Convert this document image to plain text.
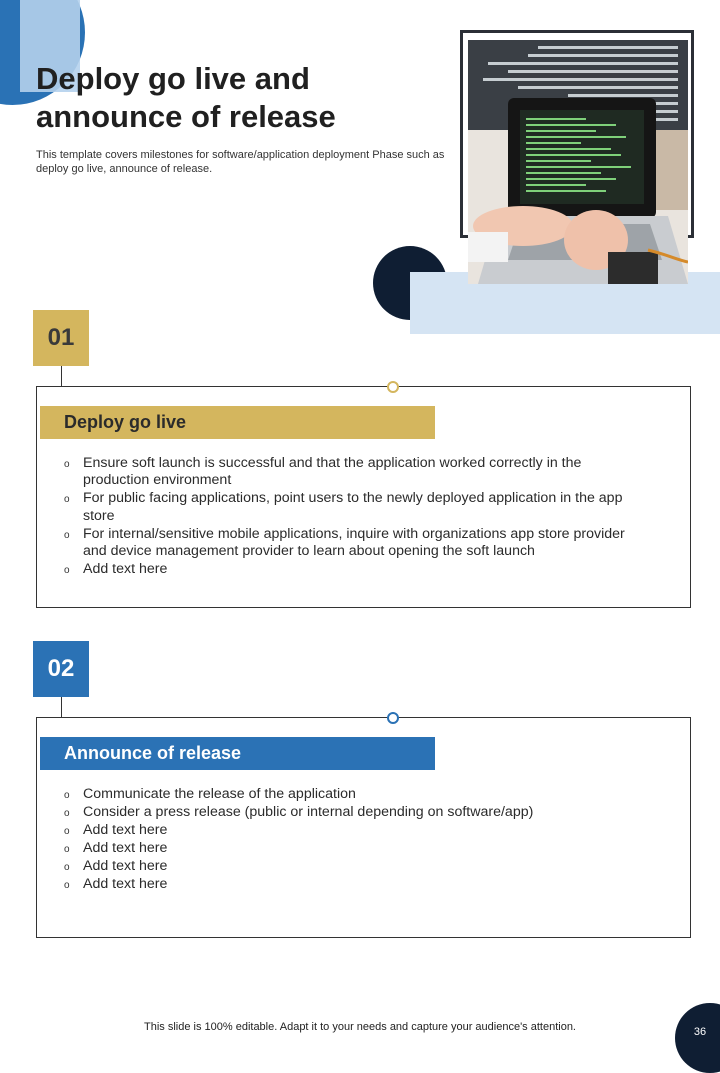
Deploy go live and announce of release
This template covers milestones for software/application deployment Phase such as deploy go live, announce of release.
01
Deploy go live
o Ensure soft launch is successful and that the application worked correctly in the production environment
o For public facing applications, point users to the newly deployed application in the app store
o For internal/sensitive mobile applications, inquire with organizations app store provider and device management provider to learn about opening the soft launch
o Add text here
02
Announce of release
o Communicate the release of the application
o Consider a press release (public or internal depending on software/app)
o Add text here
o Add text here
o Add text here
o Add text here
This slide is 100% editable. Adapt it to your needs and capture your audience's attention.	36
